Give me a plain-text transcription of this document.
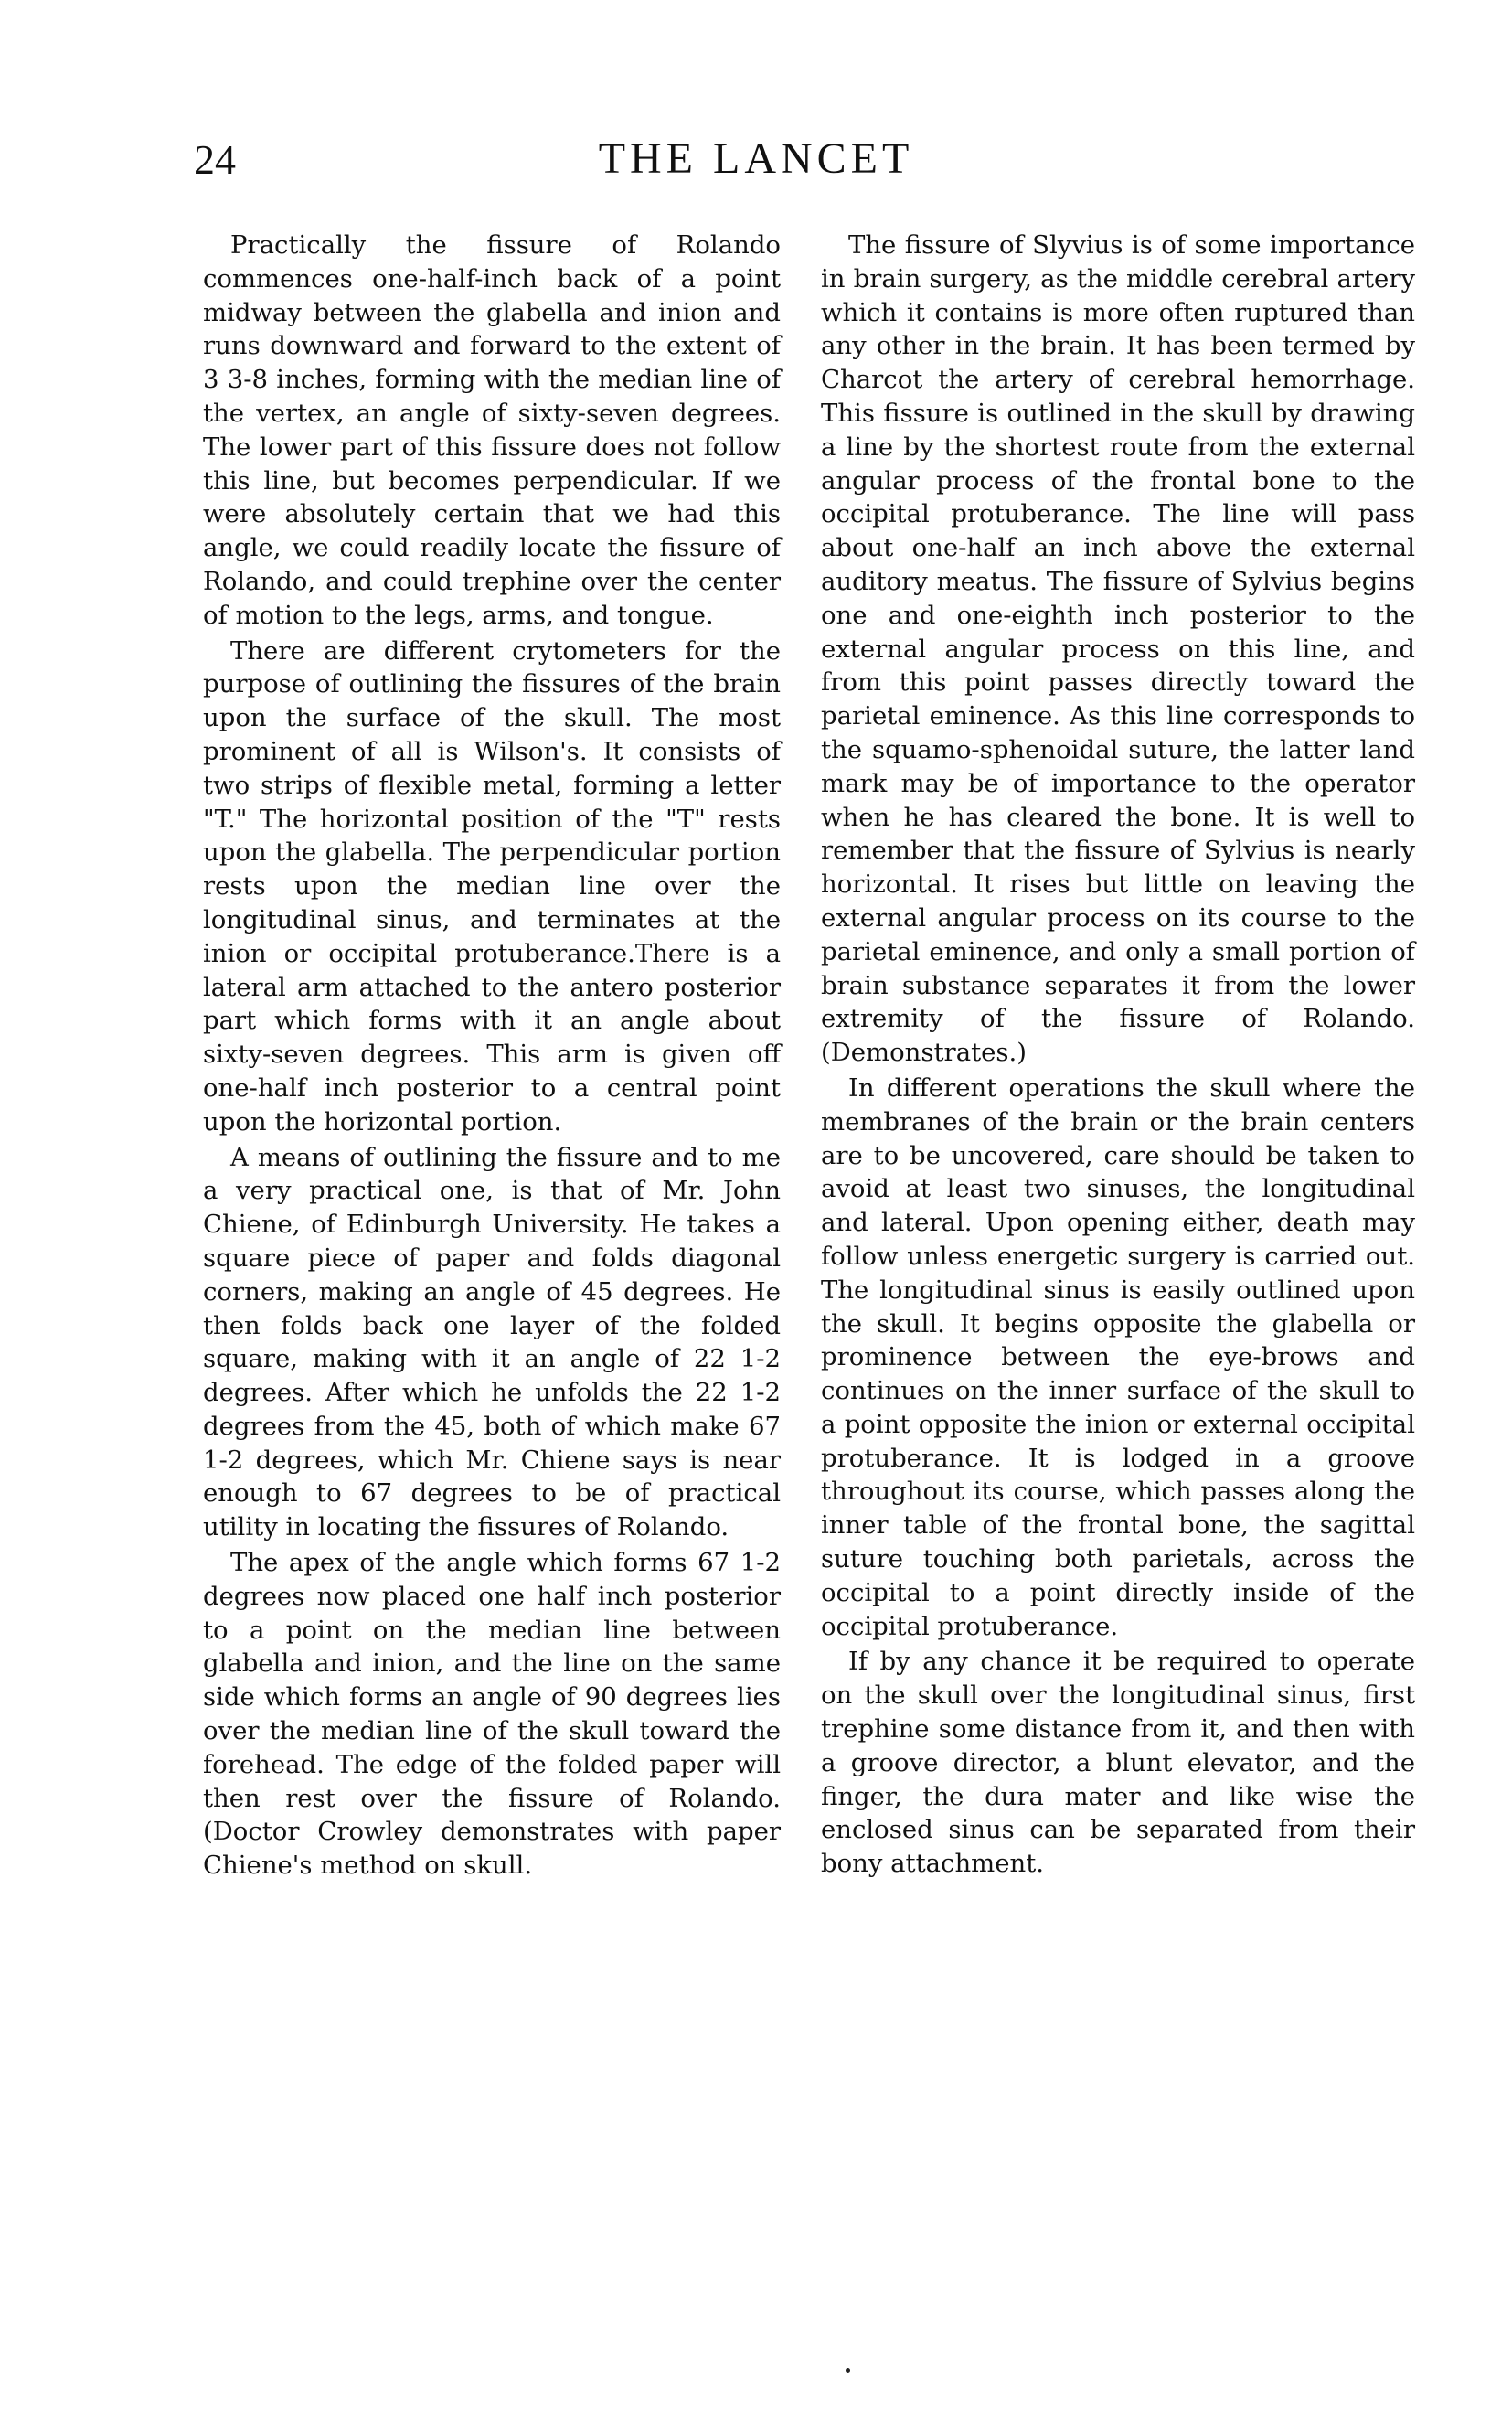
24	THE LANCET

Practically the fissure of Rolando commences one-half-inch back of a point midway between the glabella and inion and runs downward and forward to the extent of 3 3-8 inches, forming with the median line of the vertex, an angle of sixty-seven degrees. The lower part of this fissure does not follow this line, but becomes perpendicular. If we were absolutely certain that we had this angle, we could readily locate the fissure of Rolando, and could trephine over the center of motion to the legs, arms, and tongue.

There are different crytometers for the purpose of outlining the fissures of the brain upon the surface of the skull. The most prominent of all is Wilson's. It consists of two strips of flexible metal, forming a letter "T." The horizontal position of the "T" rests upon the glabella. The perpendicular portion rests upon the median line over the longitudinal sinus, and terminates at the inion or occipital protuberance.There is a lateral arm attached to the antero posterior part which forms with it an angle about sixty-seven degrees. This arm is given off one-half inch posterior to a central point upon the horizontal portion.

A means of outlining the fissure and to me a very practical one, is that of Mr. John Chiene, of Edinburgh University. He takes a square piece of paper and folds diagonal corners, making an angle of 45 degrees. He then folds back one layer of the folded square, making with it an angle of 22 1-2 degrees. After which he unfolds the 22 1-2 degrees from the 45, both of which make 67 1-2 degrees, which Mr. Chiene says is near enough to 67 degrees to be of practical utility in locating the fissures of Rolando.

The apex of the angle which forms 67 1-2 degrees now placed one half inch posterior to a point on the median line between glabella and inion, and the line on the same side which forms an angle of 90 degrees lies over the median line of the skull toward the forehead. The edge of the folded paper will then rest over the fissure of Rolando. (Doctor Crowley demonstrates with paper Chiene's method on skull.

The fissure of Slyvius is of some importance in brain surgery, as the middle cerebral artery which it contains is more often ruptured than any other in the brain. It has been termed by Charcot the artery of cerebral hemorrhage. This fissure is outlined in the skull by drawing a line by the shortest route from the external angular process of the frontal bone to the occipital protuberance. The line will pass about one-half an inch above the external auditory meatus. The fissure of Sylvius begins one and one-eighth inch posterior to the external angular process on this line, and from this point passes directly toward the parietal eminence. As this line corresponds to the squamo-sphenoidal suture, the latter land mark may be of importance to the operator when he has cleared the bone. It is well to remember that the fissure of Sylvius is nearly horizontal. It rises but little on leaving the external angular process on its course to the parietal eminence, and only a small portion of brain substance separates it from the lower extremity of the fissure of Rolando. (Demonstrates.)

In different operations the skull where the membranes of the brain or the brain centers are to be uncovered, care should be taken to avoid at least two sinuses, the longitudinal and lateral. Upon opening either, death may follow unless energetic surgery is carried out. The longitudinal sinus is easily outlined upon the skull. It begins opposite the glabella or prominence between the eye-brows and continues on the inner surface of the skull to a point opposite the inion or external occipital protuberance. It is lodged in a groove throughout its course, which passes along the inner table of the frontal bone, the sagittal suture touching both parietals, across the occipital to a point directly inside of the occipital protuberance.

If by any chance it be required to operate on the skull over the longitudinal sinus, first trephine some distance from it, and then with a groove director, a blunt elevator, and the finger, the dura mater and like wise the enclosed sinus can be separated from their bony attachment.
